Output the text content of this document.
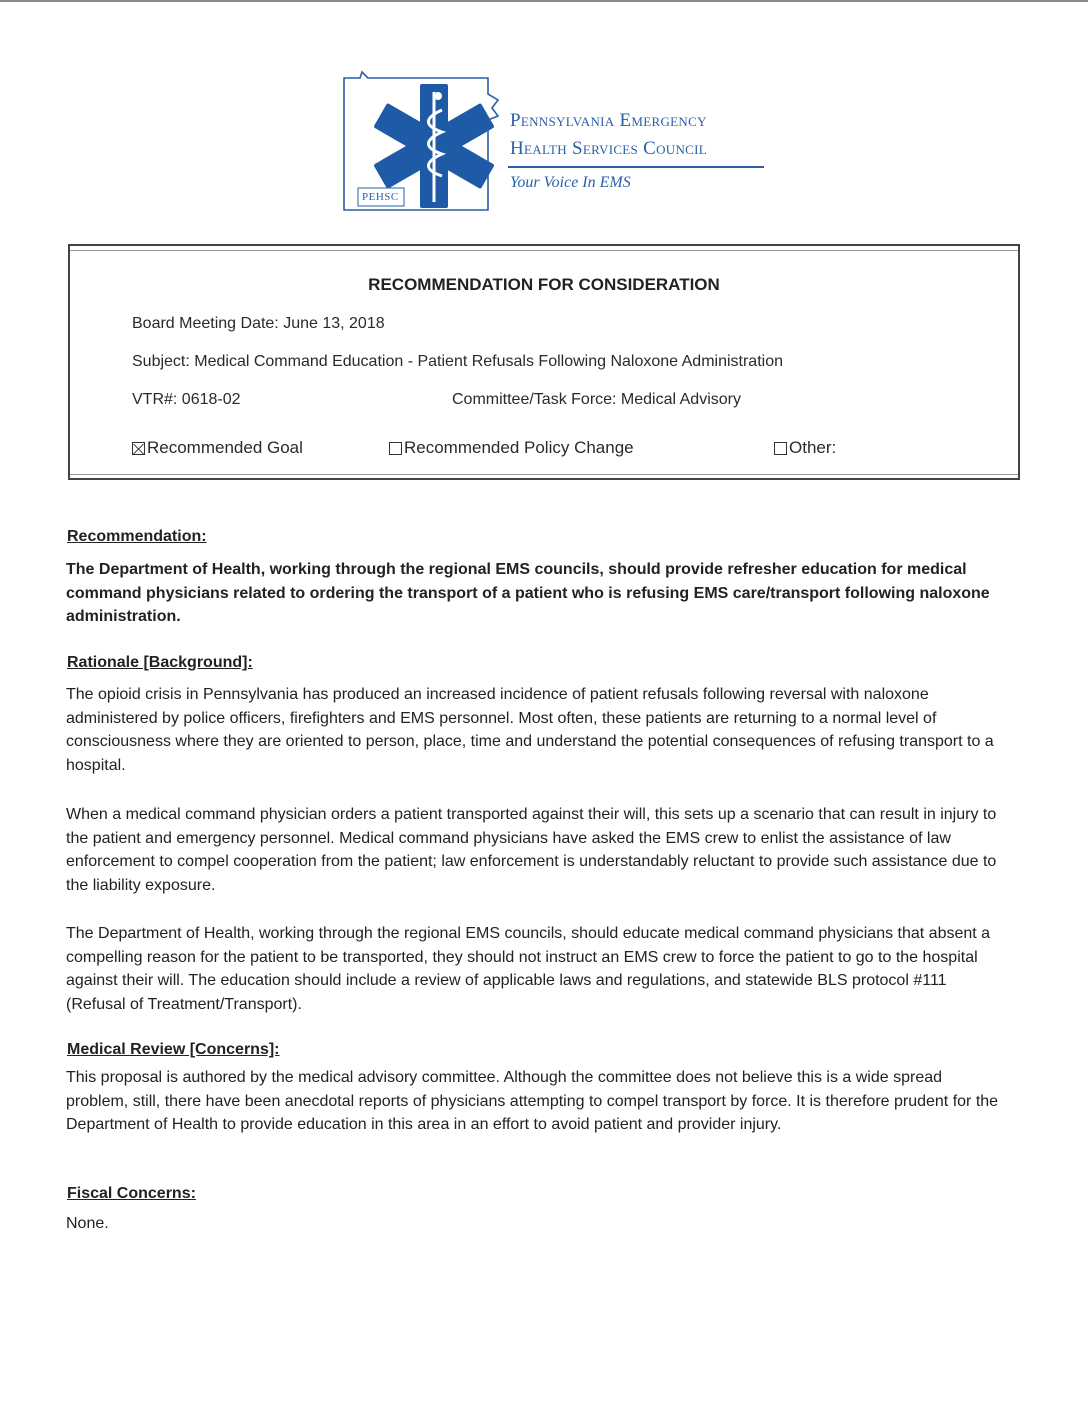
PEHSC
Pennsylvania Emergency
Health Services Council
Your Voice In EMS
RECOMMENDATION FOR CONSIDERATION
Board Meeting Date: June 13, 2018
Subject: Medical Command Education - Patient Refusals Following Naloxone Administration
VTR#: 0618-02	Committee/Task Force: Medical Advisory
Recommended Goal	Recommended Policy Change	Other:
Recommendation:
The Department of Health, working through the regional EMS councils, should provide refresher education for medical command physicians related to ordering the transport of a patient who is refusing EMS care/transport following naloxone administration.
Rationale [Background]:
The opioid crisis in Pennsylvania has produced an increased incidence of patient refusals following reversal with naloxone administered by police officers, firefighters and EMS personnel. Most often, these patients are returning to a normal level of consciousness where they are oriented to person, place, time and understand the potential consequences of refusing transport to a hospital.
When a medical command physician orders a patient transported against their will, this sets up a scenario that can result in injury to the patient and emergency personnel. Medical command physicians have asked the EMS crew to enlist the assistance of law enforcement to compel cooperation from the patient; law enforcement is understandably reluctant to provide such assistance due to the liability exposure.
The Department of Health, working through the regional EMS councils, should educate medical command physicians that absent a compelling reason for the patient to be transported, they should not instruct an EMS crew to force the patient to go to the hospital against their will. The education should include a review of applicable laws and regulations, and statewide BLS protocol #111 (Refusal of Treatment/Transport).
Medical Review [Concerns]:
This proposal is authored by the medical advisory committee. Although the committee does not believe this is a wide spread problem, still, there have been anecdotal reports of physicians attempting to compel transport by force. It is therefore prudent for the Department of Health to provide education in this area in an effort to avoid patient and provider injury.
Fiscal Concerns:
None.
